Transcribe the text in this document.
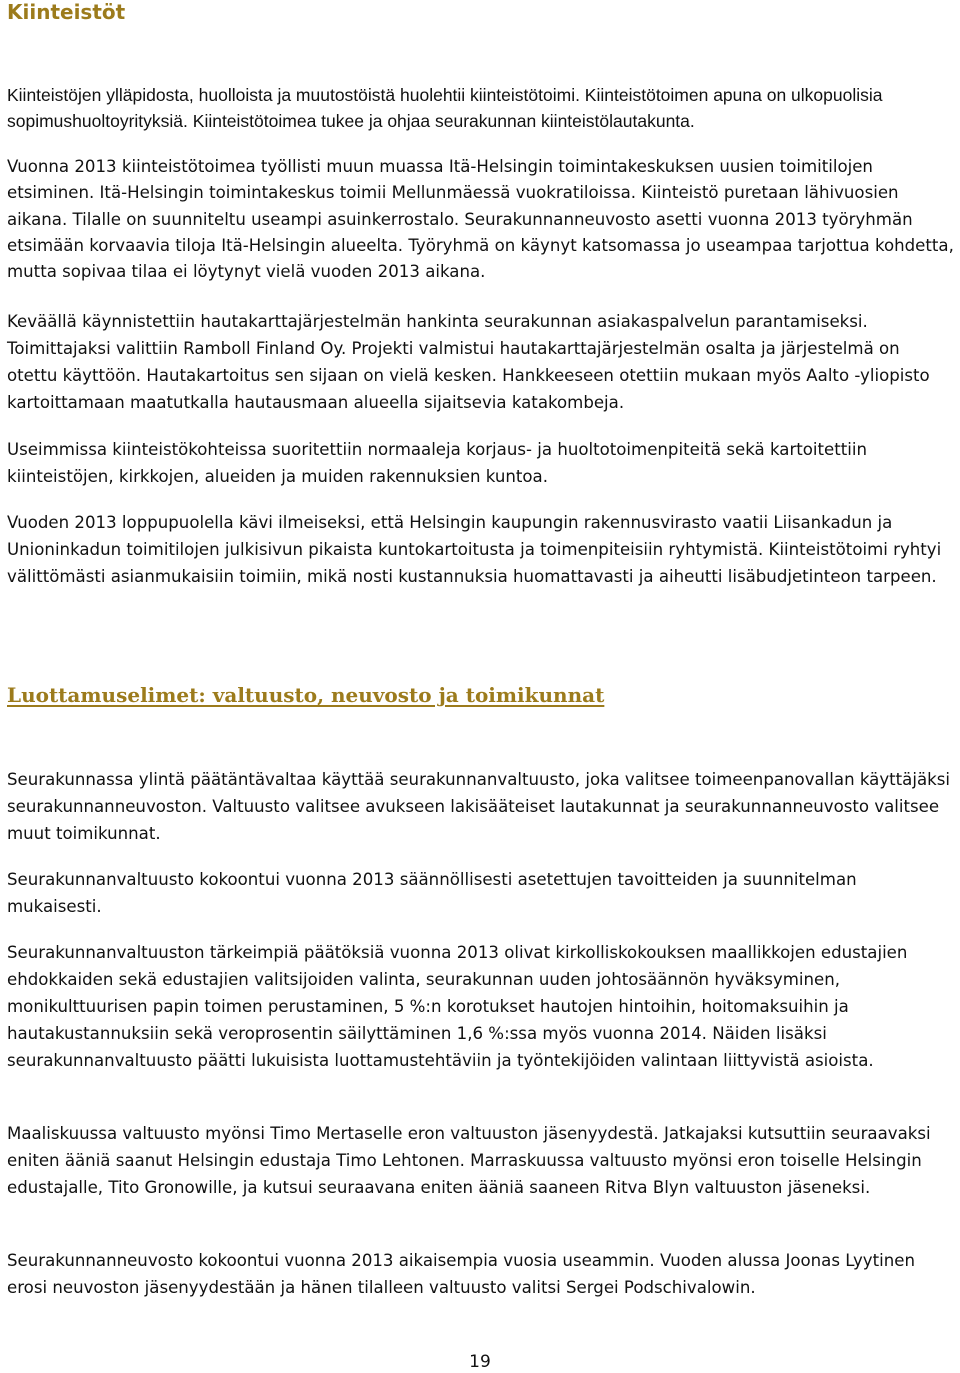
Kiinteistöt

Kiinteistöjen ylläpidosta, huolloista ja muutostöistä huolehtii kiinteistötoimi. Kiinteistötoimen apuna on ulkopuolisia sopimushuoltoyrityksiä. Kiinteistötoimea tukee ja ohjaa seurakunnan kiinteistölautakunta.

Vuonna 2013 kiinteistötoimea työllisti muun muassa Itä-Helsingin toimintakeskuksen uusien toimitilojen etsiminen. Itä-Helsingin toimintakeskus toimii Mellunmäessä vuokratiloissa. Kiinteistö puretaan lähivuosien aikana. Tilalle on suunniteltu useampi asuinkerrostalo. Seurakunnanneuvosto asetti vuonna 2013 työryhmän etsimään korvaavia tiloja Itä-Helsingin alueelta. Työryhmä on käynyt katsomassa jo useampaa tarjottua kohdetta, mutta sopivaa tilaa ei löytynyt vielä vuoden 2013 aikana.

Keväällä käynnistettiin hautakarttajärjestelmän hankinta seurakunnan asiakaspalvelun parantamiseksi. Toimittajaksi valittiin Ramboll Finland Oy. Projekti valmistui hautakarttajärjestelmän osalta ja järjestelmä on otettu käyttöön. Hautakartoitus sen sijaan on vielä kesken. Hankkeeseen otettiin mukaan myös Aalto -yliopisto kartoittamaan maatutkalla hautausmaan alueella sijaitsevia katakombeja.

Useimmissa kiinteistökohteissa suoritettiin normaaleja korjaus- ja huoltotoimenpiteitä sekä kartoitettiin kiinteistöjen, kirkkojen, alueiden ja muiden rakennuksien kuntoa.

Vuoden 2013 loppupuolella kävi ilmeiseksi, että Helsingin kaupungin rakennusvirasto vaatii Liisankadun ja Unioninkadun toimitilojen julkisivun pikaista kuntokartoitusta ja toimenpiteisiin ryhtymistä. Kiinteistötoimi ryhtyi välittömästi asianmukaisiin toimiin, mikä nosti kustannuksia huomattavasti ja aiheutti lisäbudjetinteon tarpeen.

Luottamuselimet: valtuusto, neuvosto ja toimikunnat

Seurakunnassa ylintä päätäntävaltaa käyttää seurakunnanvaltuusto, joka valitsee toimeenpanovallan käyttäjäksi seurakunnanneuvoston. Valtuusto valitsee avukseen lakisääteiset lautakunnat ja seurakunnanneuvosto valitsee muut toimikunnat.

Seurakunnanvaltuusto kokoontui vuonna 2013 säännöllisesti asetettujen tavoitteiden ja suunnitelman mukaisesti.

Seurakunnanvaltuuston tärkeimpiä päätöksiä vuonna 2013 olivat kirkolliskokouksen maallikkojen edustajien ehdokkaiden sekä edustajien valitsijoiden valinta, seurakunnan uuden johtosäännön hyväksyminen, monikulttuurisen papin toimen perustaminen, 5 %:n korotukset hautojen hintoihin, hoitomaksuihin ja hautakustannuksiin sekä veroprosentin säilyttäminen 1,6 %:ssa myös vuonna 2014. Näiden lisäksi seurakunnanvaltuusto päätti lukuisista luottamustehtäviin ja työntekijöiden valintaan liittyvistä asioista.

Maaliskuussa valtuusto myönsi Timo Mertaselle eron valtuuston jäsenyydestä. Jatkajaksi kutsuttiin seuraavaksi eniten ääniä saanut Helsingin edustaja Timo Lehtonen. Marraskuussa valtuusto myönsi eron toiselle Helsingin edustajalle, Tito Gronowille, ja kutsui seuraavana eniten ääniä saaneen Ritva Blyn valtuuston jäseneksi.

Seurakunnanneuvosto kokoontui vuonna 2013 aikaisempia vuosia useammin. Vuoden alussa Joonas Lyytinen erosi neuvoston jäsenyydestään ja hänen tilalleen valtuusto valitsi Sergei Podschivalowin.

19
